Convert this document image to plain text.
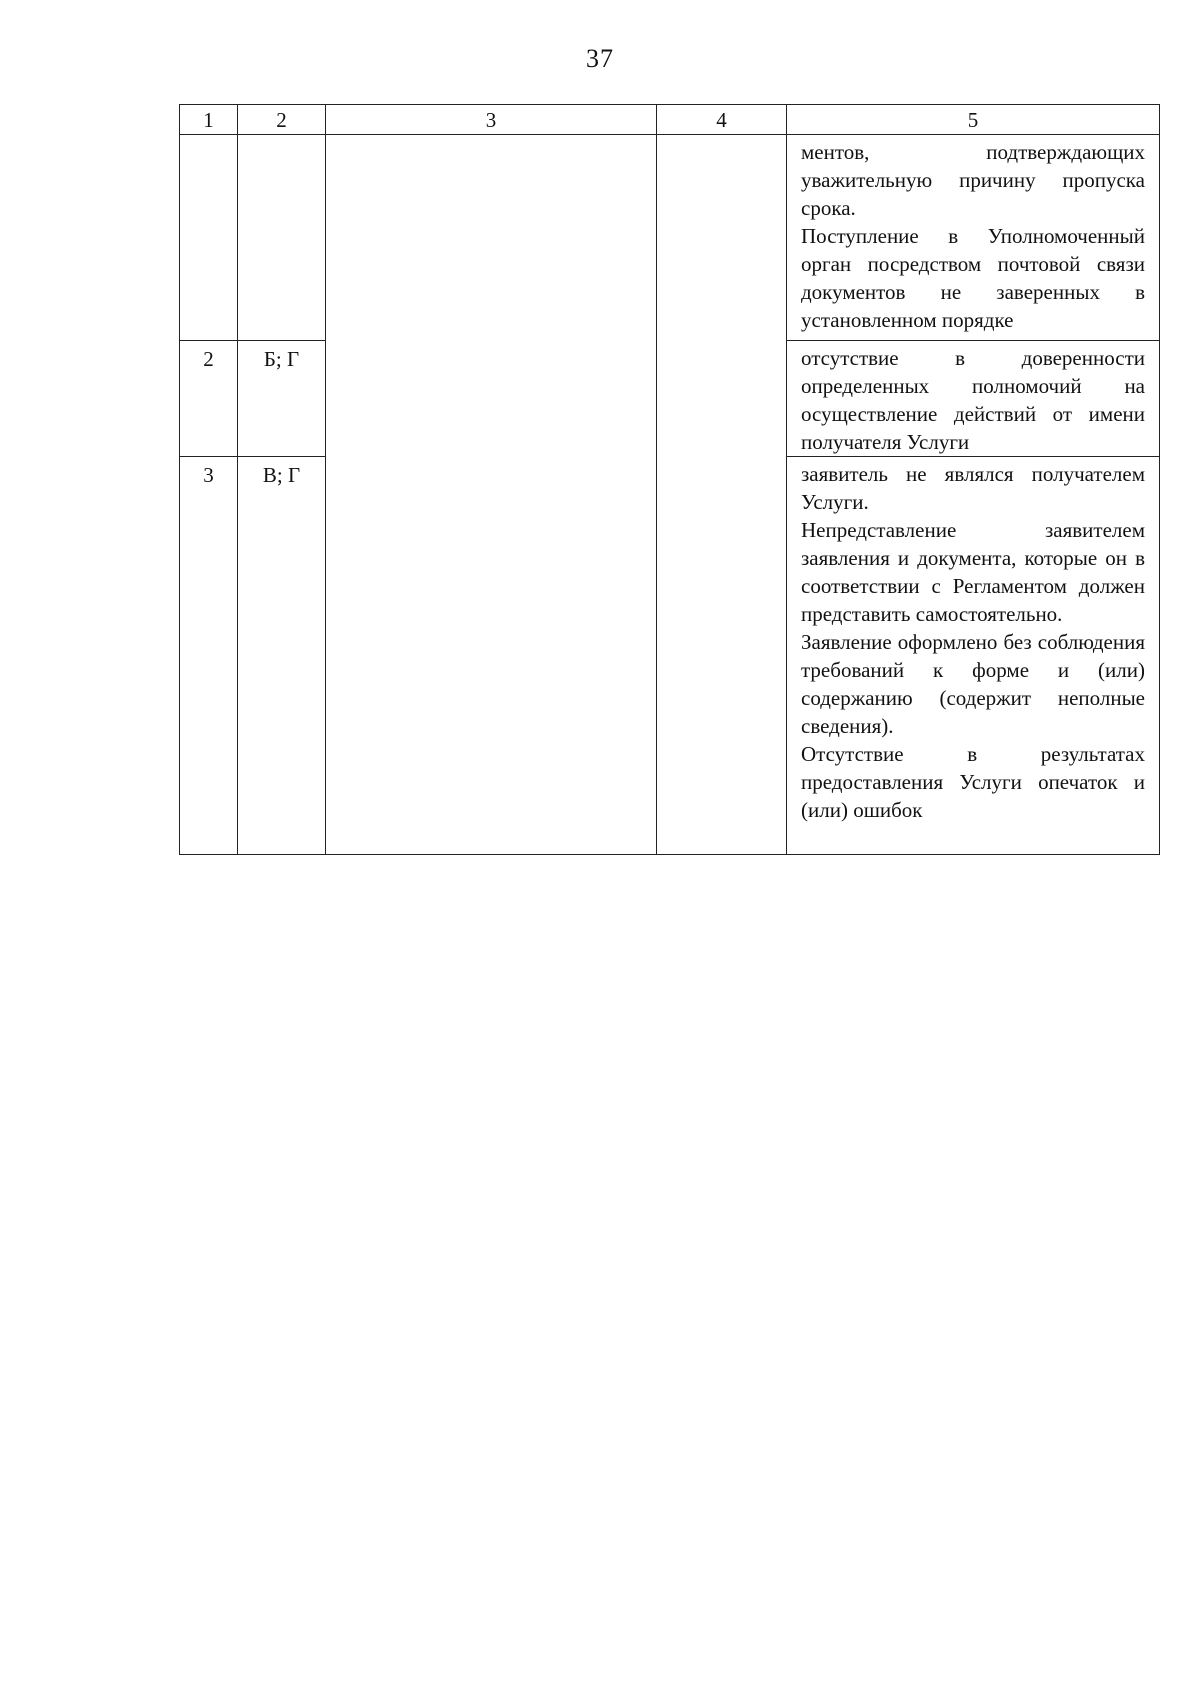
37
1	2	3	4	5

				ментов, подтверждающих уважительную причину пропуска срока.
Поступление в Уполномоченный орган посредством почтовой связи документов не заверенных в установленном порядке

2	Б; Г			отсутствие в доверенности определенных полномочий на осуществление действий от имени получателя Услуги

3	В; Г			заявитель не являлся получателем Услуги.
Непредставление заявителем заявления и документа, которые он в соответствии с Регламентом должен представить самостоятельно.
Заявление оформлено без соблюдения требований к форме и (или) содержанию (содержит неполные сведения).
Отсутствие в результатах предоставления Услуги опечаток и (или) ошибок
